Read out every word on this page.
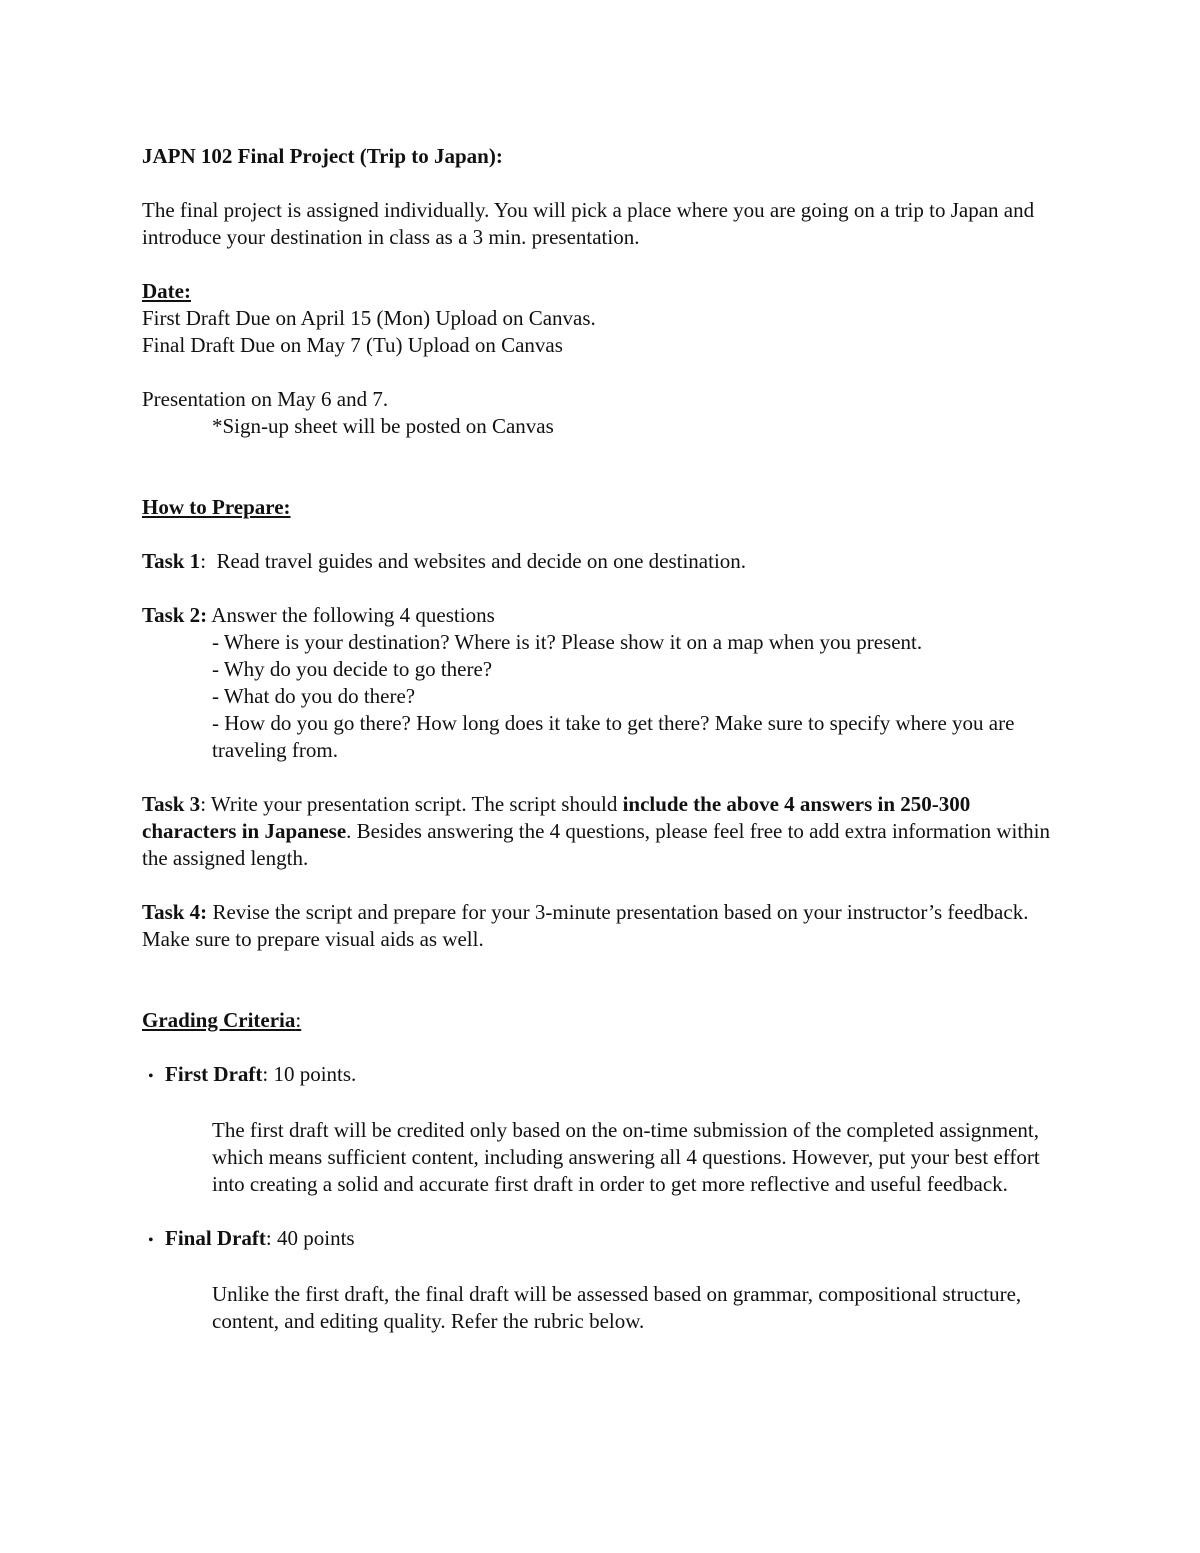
JAPN 102 Final Project (Trip to Japan):

The final project is assigned individually. You will pick a place where you are going on a trip to Japan and introduce your destination in class as a 3 min. presentation.

Date:

First Draft Due on April 15 (Mon) Upload on Canvas.

Final Draft Due on May 7 (Tu) Upload on Canvas

Presentation on May 6 and 7.

*Sign-up sheet will be posted on Canvas

How to Prepare:

Task 1:  Read travel guides and websites and decide on one destination.

Task 2: Answer the following 4 questions

- Where is your destination? Where is it? Please show it on a map when you present.

- Why do you decide to go there?

- What do you do there?

- How do you go there? How long does it take to get there? Make sure to specify where you are traveling from.

Task 3: Write your presentation script. The script should include the above 4 answers in 250-300 characters in Japanese. Besides answering the 4 questions, please feel free to add extra information within the assigned length.

Task 4: Revise the script and prepare for your 3-minute presentation based on your instructor’s feedback. Make sure to prepare visual aids as well.

Grading Criteria:

• First Draft: 10 points.

The first draft will be credited only based on the on-time submission of the completed assignment, which means sufficient content, including answering all 4 questions. However, put your best effort into creating a solid and accurate first draft in order to get more reflective and useful feedback.

• Final Draft: 40 points

Unlike the first draft, the final draft will be assessed based on grammar, compositional structure, content, and editing quality. Refer the rubric below.
